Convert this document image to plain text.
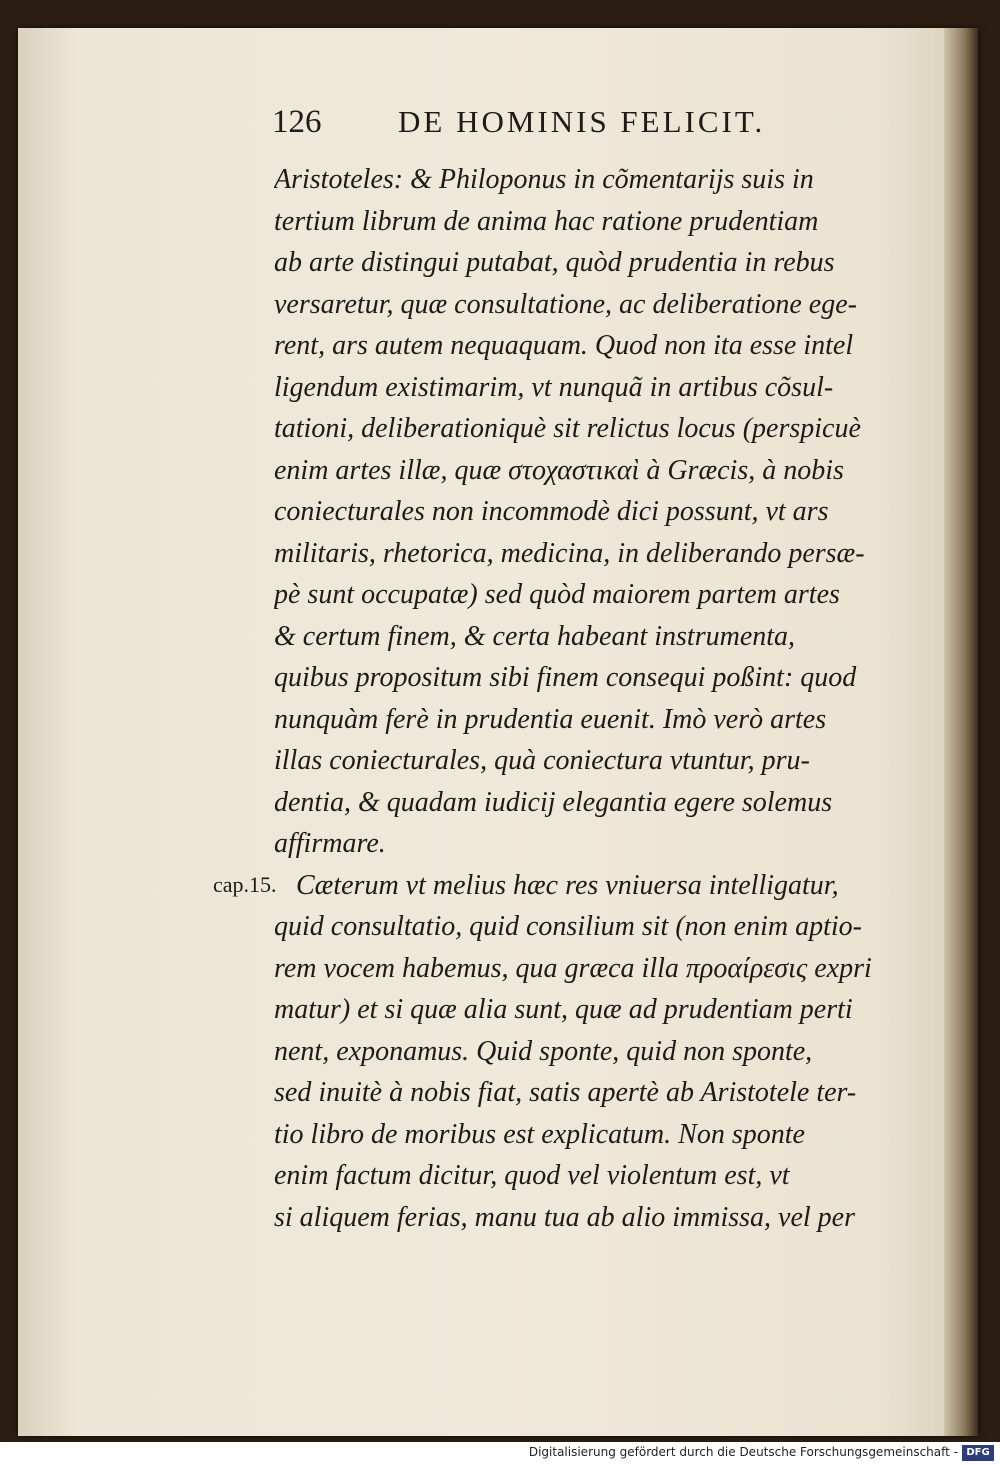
126 DE HOMINIS FELICIT.
cap.15.
Aristoteles: & Philoponus in cõmentarijs suis in
tertium librum de anima hac ratione prudentiam
ab arte distingui putabat, quòd prudentia in rebus
versaretur, quæ consultatione, ac deliberatione ege-
rent, ars autem nequaquam. Quod non ita esse intel
ligendum existimarim, vt nunquã in artibus cõsul-
tationi, deliberationiquè sit relictus locus (perspicuè
enim artes illæ, quæ στοχαστικαὶ à Græcis, à nobis
coniecturales non incommodè dici possunt, vt ars
militaris, rhetorica, medicina, in deliberando persæ-
pè sunt occupatæ) sed quòd maiorem partem artes
& certum finem, & certa habeant instrumenta,
quibus propositum sibi finem consequi poßint: quod
nunquàm ferè in prudentia euenit. Imò verò artes
illas coniecturales, quà coniectura vtuntur, pru-
dentia, & quadam iudicij elegantia egere solemus
affirmare.
Cæterum vt melius hæc res vniuersa intelligatur,
quid consultatio, quid consilium sit (non enim aptio-
rem vocem habemus, qua græca illa προαίρεσις expri
matur) et si quæ alia sunt, quæ ad prudentiam perti
nent, exponamus. Quid sponte, quid non sponte,
sed inuitè à nobis fiat, satis apertè ab Aristotele ter-
tio libro de moribus est explicatum. Non sponte
enim factum dicitur, quod vel violentum est, vt
si aliquem ferias, manu tua ab alio immissa, vel per
Digitalisierung gefördert durch die Deutsche Forschungsgemeinschaft - DFG
